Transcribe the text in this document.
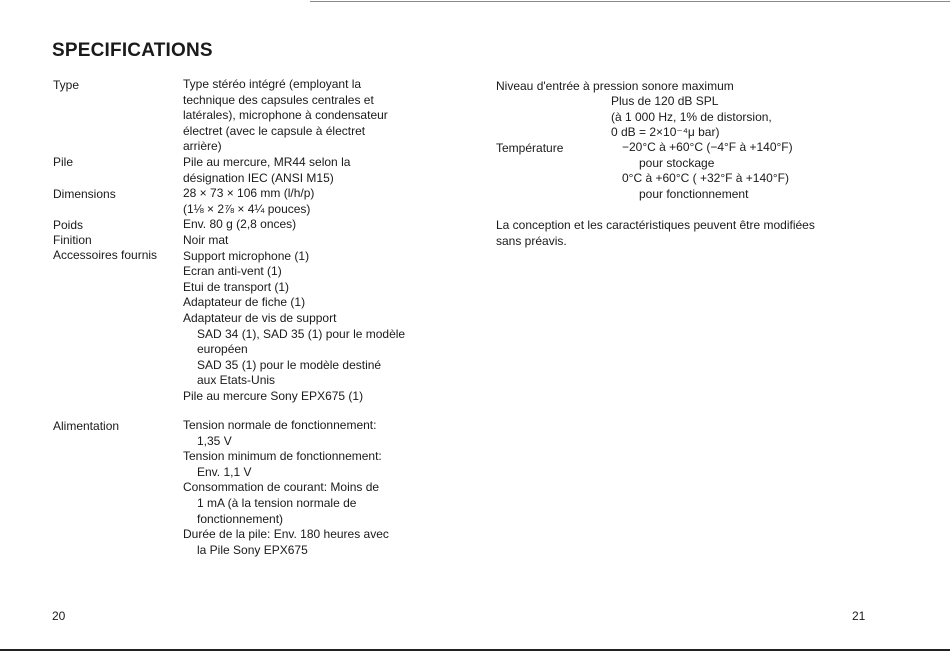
SPECIFICATIONS
Type
Pile
Dimensions
Poids
Finition
Accessoires fournis
Alimentation
Type stéréo intégré (employant la
technique des capsules centrales et
latérales), microphone à condensateur
électret (avec le capsule à électret
arrière)
Pile au mercure, MR44 selon la
désignation IEC (ANSI M15)
28 × 73 × 106 mm (l/h/p)
(1⅛ × 2⅞ × 4¼ pouces)
Env. 80 g (2,8 onces)
Noir mat
Support microphone (1)
Ecran anti-vent (1)
Etui de transport (1)
Adaptateur de fiche (1)
Adaptateur de vis de support
SAD 34 (1), SAD 35 (1) pour le modèle
européen
SAD 35 (1) pour le modèle destiné
aux Etats-Unis
Pile au mercure Sony EPX675 (1)
Tension normale de fonctionnement:
1,35 V
Tension minimum de fonctionnement:
Env. 1,1 V
Consommation de courant: Moins de
1 mA (à la tension normale de
fonctionnement)
Durée de la pile: Env. 180 heures avec
la Pile Sony EPX675
Niveau d'entrée à pression sonore maximum
Plus de 120 dB SPL
(à 1 000 Hz, 1% de distorsion,
0 dB = 2×10⁻⁴μ bar)
Température	−20°C à +60°C (−4°F à +140°F)
pour stockage
0°C à +60°C ( +32°F à +140°F)
pour fonctionnement
La conception et les caractéristiques peuvent être modifiées
sans préavis.
20	21
